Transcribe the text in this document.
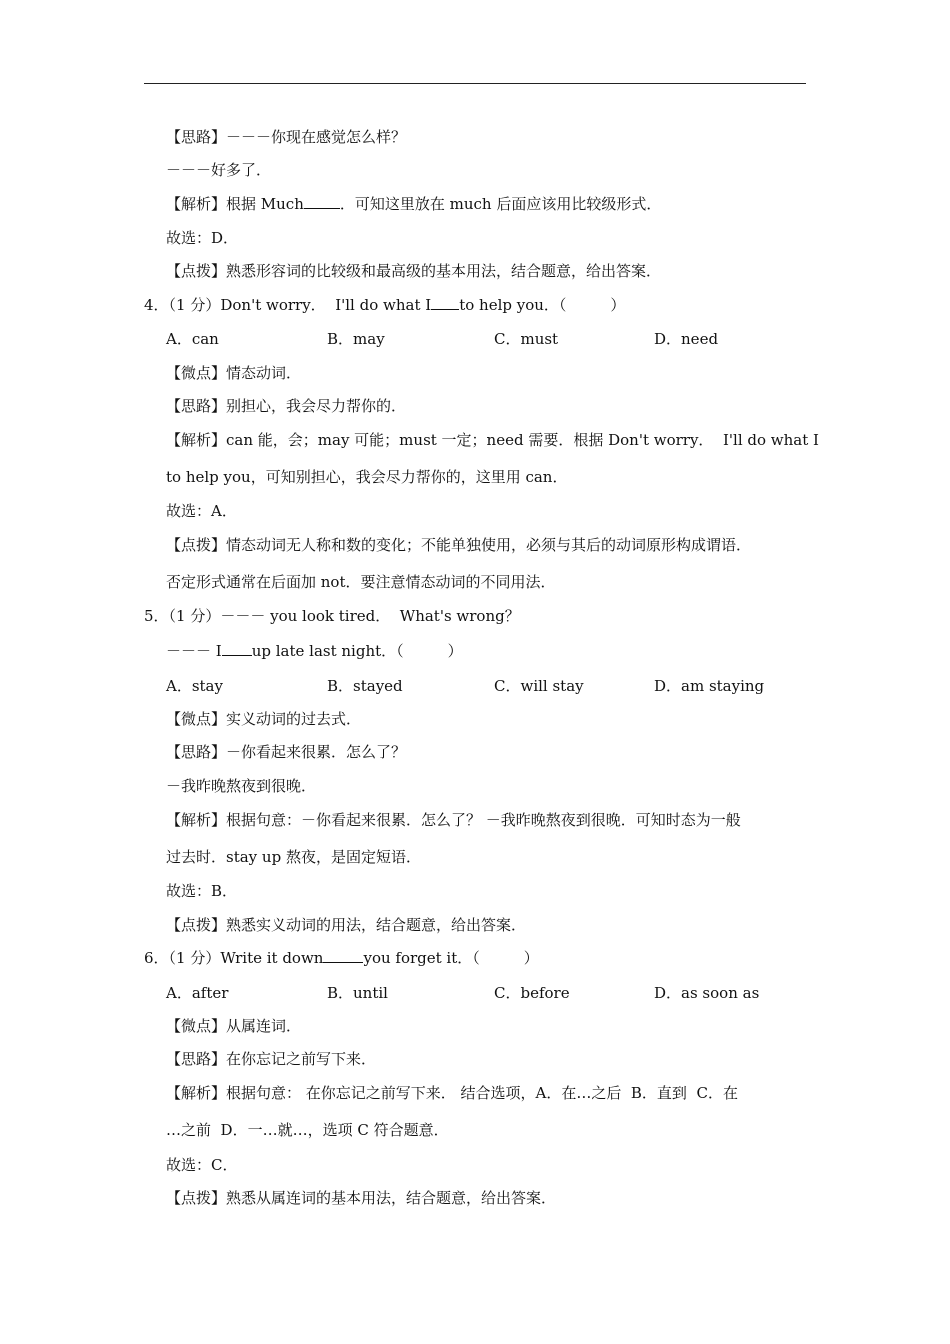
【思路】－－－你现在感觉怎么样？
－－－好多了．
【解析】根据 Much ．可知这里放在 much 后面应该用比较级形式．
故选：D．
【点拨】熟悉形容词的比较级和最高级的基本用法，结合题意，给出答案．
4．（1 分）Don't worry．  I'll do what I to help you．（	）
A．can	B．may	C．must	D．need
【微点】情态动词．
【思路】别担心，我会尽力帮你的．
【解析】can 能，会；may 可能；must 一定；need 需要．根据 Don't worry．  I'll do what I
to help you，可知别担心，我会尽力帮你的，这里用 can．
故选：A．
【点拨】情态动词无人称和数的变化；不能单独使用，必须与其后的动词原形构成谓语．
否定形式通常在后面加 not．要注意情态动词的不同用法．
5．（1 分）－－－ you look tired．  What's wrong？
－－－ I up late last night．（	）
A．stay	B．stayed	C．will stay	D．am staying
【微点】实义动词的过去式．
【思路】－你看起来很累．怎么了？
－我昨晚熬夜到很晚．
【解析】根据句意：－你看起来很累．怎么了？ －我昨晚熬夜到很晚．可知时态为一般
过去时．stay up 熬夜，是固定短语．
故选：B．
【点拨】熟悉实义动词的用法，结合题意，给出答案．
6．（1 分）Write it down	you forget it．（	）
A．after	B．until	C．before	D．as soon as
【微点】从属连词．
【思路】在你忘记之前写下来．
【解析】根据句意： 在你忘记之前写下来． 结合选项，A．在…之后  B．直到  C．在
…之前  D．一…就…，选项 C 符合题意．
故选：C．
【点拨】熟悉从属连词的基本用法，结合题意，给出答案．
